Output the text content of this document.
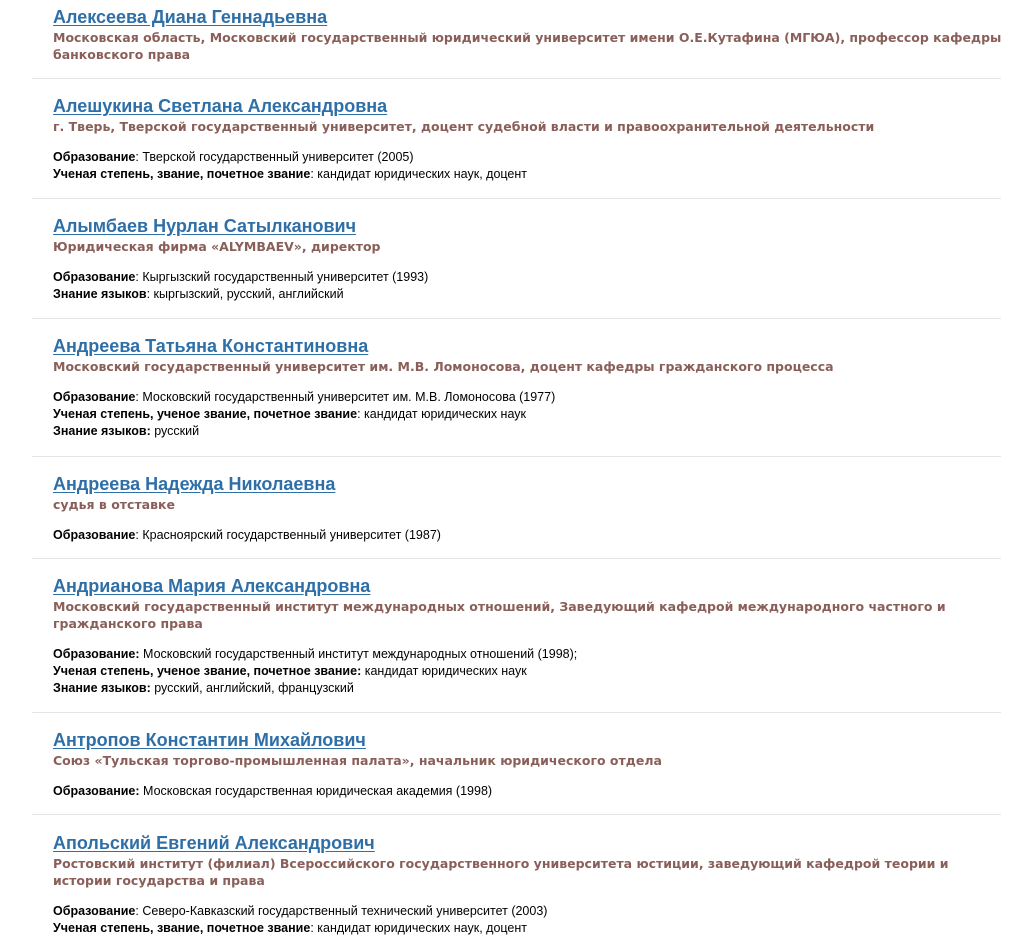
Алексеева Диана Геннадьевна
Московская область, Московский государственный юридический университет имени О.Е.Кутафина (МГЮА), профессор кафедры банковского права
Алешукина Светлана Александровна
г. Тверь, Тверской государственный университет, доцент судебной власти и правоохранительной деятельности
Образование: Тверской государственный университет (2005)
Ученая степень, звание, почетное звание: кандидат юридических наук, доцент
Алымбаев Нурлан Сатылканович
Юридическая фирма «ALYMBAEV», директор
Образование: Кыргызский государственный университет (1993)
Знание языков: кыргызский, русский, английский
Андреева Татьяна Константиновна
Московский государственный университет им. М.В. Ломоносова, доцент кафедры гражданского процесса
Образование: Московский государственный университет им. М.В. Ломоносова (1977)
Ученая степень, ученое звание, почетное звание: кандидат юридических наук
Знание языков: русский
Андреева Надежда Николаевна
судья в отставке
Образование: Красноярский государственный университет (1987)
Андрианова Мария Александровна
Московский государственный институт международных отношений, Заведующий кафедрой международного частного и гражданского права
Образование: Московский государственный институт международных отношений (1998);
Ученая степень, ученое звание, почетное звание: кандидат юридических наук
Знание языков: русский, английский, французский
Антропов Константин Михайлович
Союз «Тульская торгово-промышленная палата», начальник юридического отдела
Образование: Московская государственная юридическая академия (1998)
Апольский Евгений Александрович
Ростовский институт (филиал) Всероссийского государственного университета юстиции, заведующий кафедрой теории и истории государства и права
Образование: Северо-Кавказский государственный технический университет (2003)
Ученая степень, звание, почетное звание: кандидат юридических наук, доцент
